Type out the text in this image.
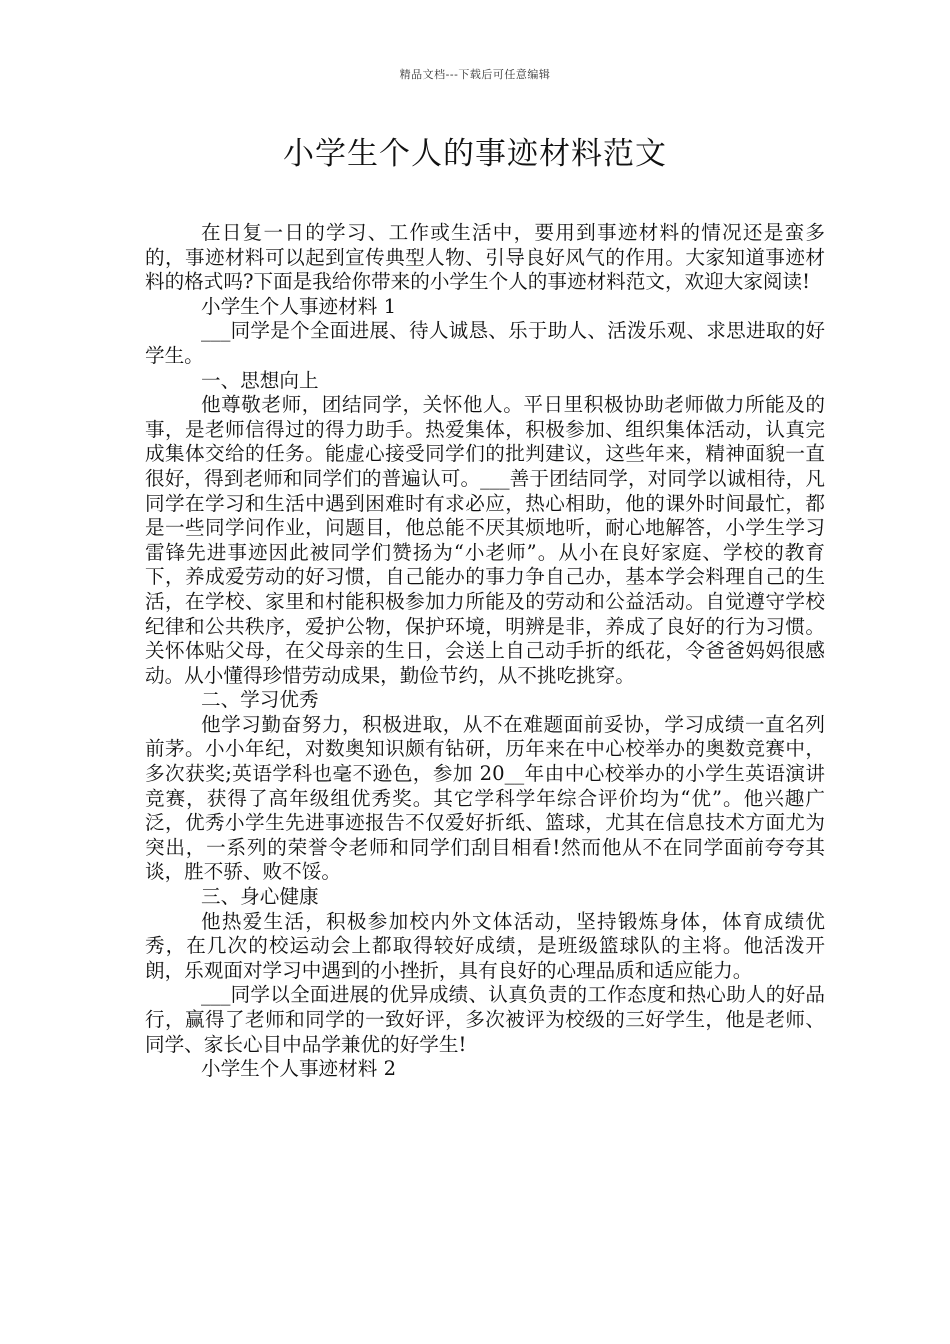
精品文档---下载后可任意编辑
小学生个人的事迹材料范文

在日复一日的学习、工作或生活中，要用到事迹材料的情况还是蛮多的，事迹材料可以起到宣传典型人物、引导良好风气的作用。大家知道事迹材料的格式吗?下面是我给你带来的小学生个人的事迹材料范文，欢迎大家阅读!

小学生个人事迹材料 1

___同学是个全面进展、待人诚恳、乐于助人、活泼乐观、求思进取的好学生。

一、思想向上

他尊敬老师，团结同学，关怀他人。平日里积极协助老师做力所能及的事，是老师信得过的得力助手。热爱集体，积极参加、组织集体活动，认真完成集体交给的任务。能虚心接受同学们的批判建议，这些年来，精神面貌一直很好，得到老师和同学们的普遍认可。___善于团结同学，对同学以诚相待，凡同学在学习和生活中遇到困难时有求必应，热心相助，他的课外时间最忙，都是一些同学问作业，问题目，他总能不厌其烦地听，耐心地解答，小学生学习雷锋先进事迹因此被同学们赞扬为“小老师”。从小在良好家庭、学校的教育下，养成爱劳动的好习惯，自己能办的事力争自己办，基本学会料理自己的生活，在学校、家里和村能积极参加力所能及的劳动和公益活动。自觉遵守学校纪律和公共秩序，爱护公物，保护环境，明辨是非，养成了良好的行为习惯。关怀体贴父母，在父母亲的生日，会送上自己动手折的纸花，令爸爸妈妈很感动。从小懂得珍惜劳动成果，勤俭节约，从不挑吃挑穿。

二、学习优秀

他学习勤奋努力，积极进取，从不在难题面前妥协，学习成绩一直名列前茅。小小年纪，对数奥知识颇有钻研，历年来在中心校举办的奥数竞赛中，多次获奖;英语学科也毫不逊色，参加 20__年由中心校举办的小学生英语演讲竞赛，获得了高年级组优秀奖。其它学科学年综合评价均为“优”。他兴趣广泛，优秀小学生先进事迹报告不仅爱好折纸、篮球，尤其在信息技术方面尤为突出，一系列的荣誉令老师和同学们刮目相看!然而他从不在同学面前夸夸其谈，胜不骄、败不馁。

三、身心健康

他热爱生活，积极参加校内外文体活动，坚持锻炼身体，体育成绩优秀，在几次的校运动会上都取得较好成绩，是班级篮球队的主将。他活泼开朗，乐观面对学习中遇到的小挫折，具有良好的心理品质和适应能力。

___同学以全面进展的优异成绩、认真负责的工作态度和热心助人的好品行，赢得了老师和同学的一致好评，多次被评为校级的三好学生，他是老师、同学、家长心目中品学兼优的好学生!

小学生个人事迹材料 2
